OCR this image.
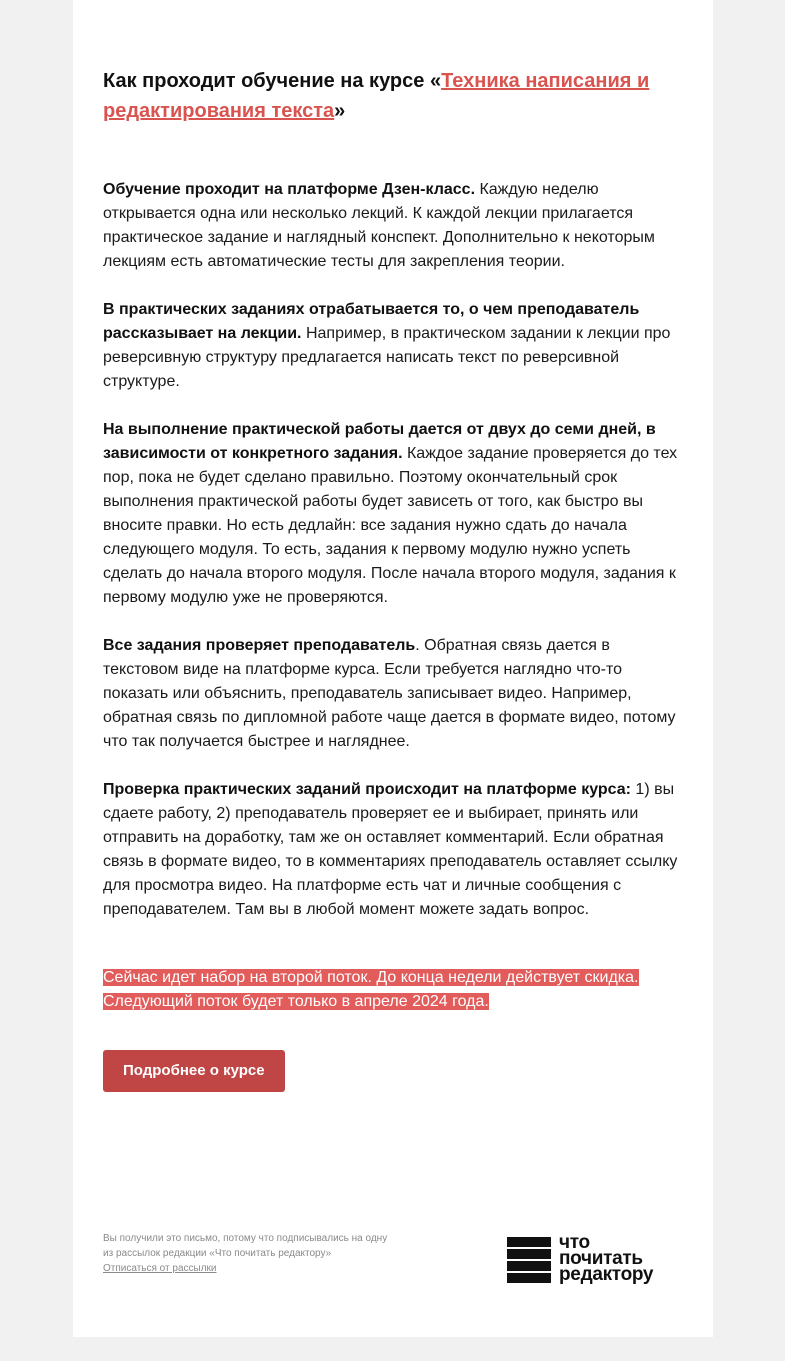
Как проходит обучение на курсе «Техника написания и редактирования текста»

Обучение проходит на платформе Дзен-класс. Каждую неделю открывается одна или несколько лекций. К каждой лекции прилагается практическое задание и наглядный конспект. Дополнительно к некоторым лекциям есть автоматические тесты для закрепления теории.

В практических заданиях отрабатывается то, о чем преподаватель рассказывает на лекции. Например, в практическом задании к лекции про реверсивную структуру предлагается написать текст по реверсивной структуре.

На выполнение практической работы дается от двух до семи дней, в зависимости от конкретного задания. Каждое задание проверяется до тех пор, пока не будет сделано правильно. Поэтому окончательный срок выполнения практической работы будет зависеть от того, как быстро вы вносите правки. Но есть дедлайн: все задания нужно сдать до начала следующего модуля. То есть, задания к первому модулю нужно успеть сделать до начала второго модуля. После начала второго модуля, задания к первому модулю уже не проверяются.

Все задания проверяет преподаватель. Обратная связь дается в текстовом виде на платформе курса. Если требуется наглядно что-то показать или объяснить, преподаватель записывает видео. Например, обратная связь по дипломной работе чаще дается в формате видео, потому что так получается быстрее и нагляднее.

Проверка практических заданий происходит на платформе курса: 1) вы сдаете работу, 2) преподаватель проверяет ее и выбирает, принять или отправить на доработку, там же он оставляет комментарий. Если обратная связь в формате видео, то в комментариях преподаватель оставляет ссылку для просмотра видео. На платформе есть чат и личные сообщения с преподавателем. Там вы в любой момент можете задать вопрос.

Сейчас идет набор на второй поток. До конца недели действует скидка. Следующий поток будет только в апреле 2024 года.
Подробнее о курсе
Вы получили это письмо, потому что подписывались на одну из рассылок редакции «Что почитать редактору»
Отписаться от рассылки
что
почитать
редактору
